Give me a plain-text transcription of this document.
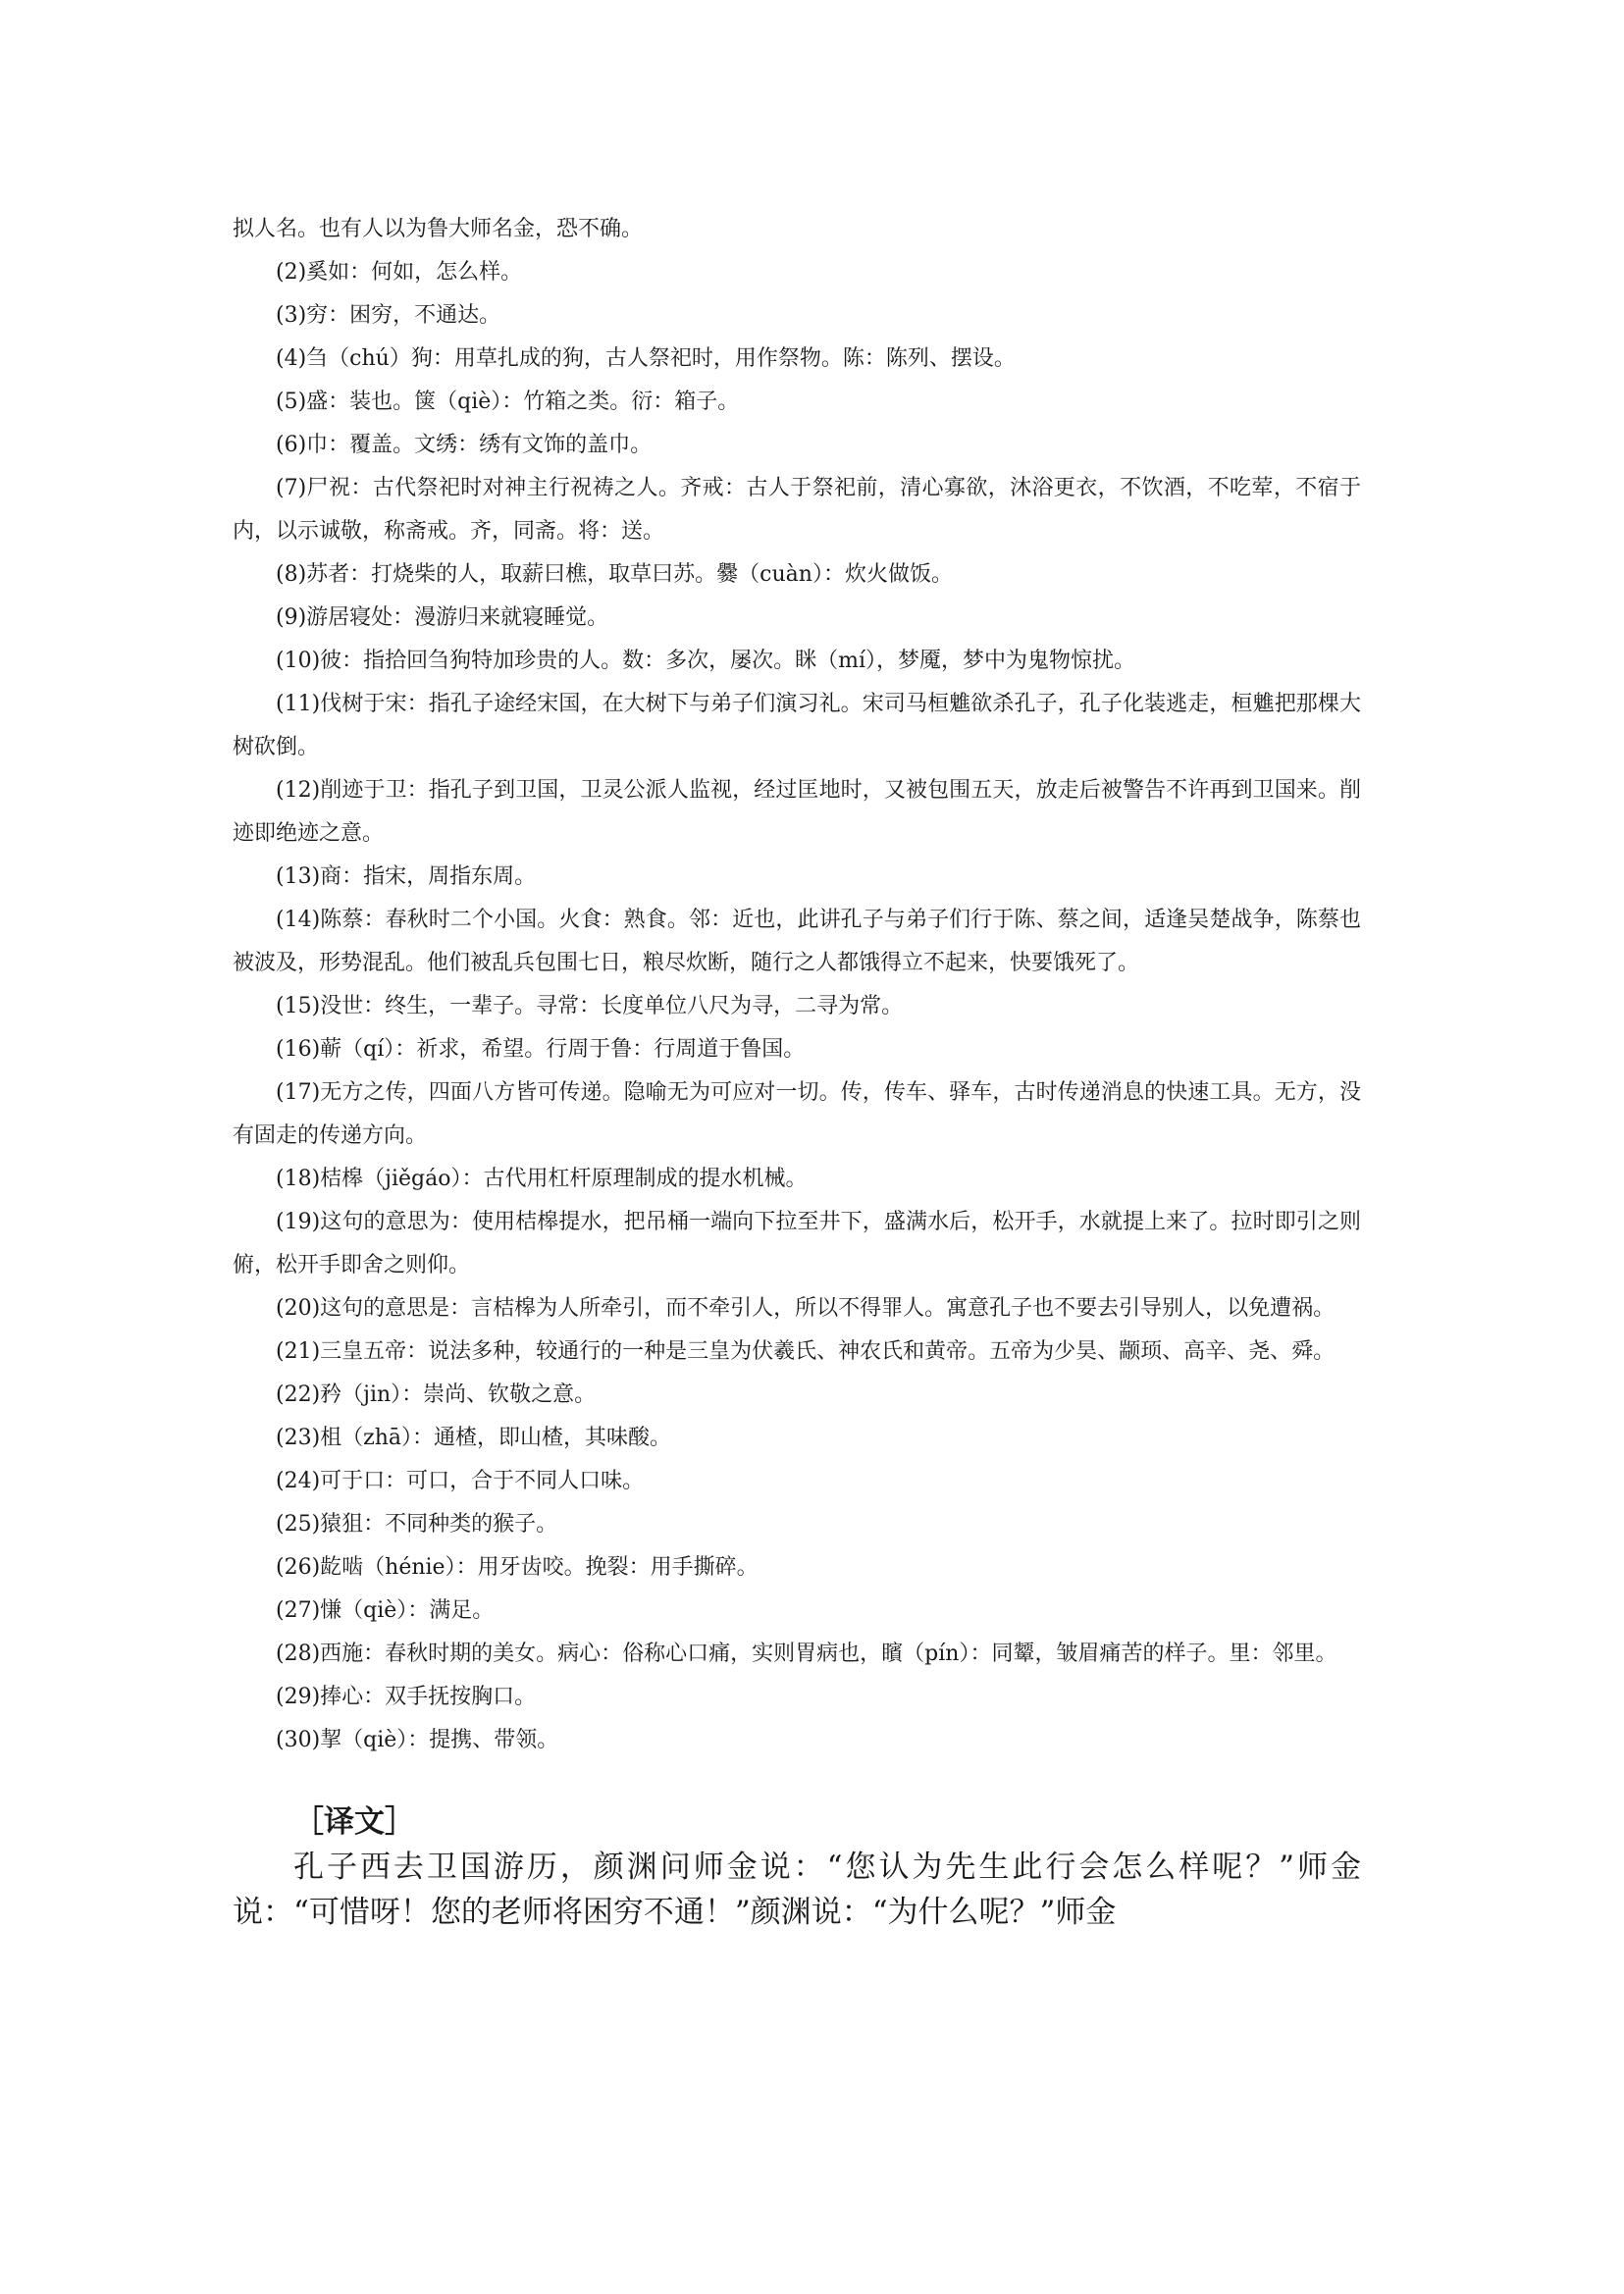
拟人名。也有人以为鲁大师名金，恐不确。

(2)奚如：何如，怎么样。

(3)穷：困穷，不通达。

(4)刍（chú）狗：用草扎成的狗，古人祭祀时，用作祭物。陈：陈列、摆设。

(5)盛：装也。箧（qiè）：竹箱之类。衍：箱子。

(6)巾：覆盖。文绣：绣有文饰的盖巾。

(7)尸祝：古代祭祀时对神主行祝祷之人。齐戒：古人于祭祀前，清心寡欲，沐浴更衣，不饮酒，不吃荤，不宿于内，以示诚敬，称斋戒。齐，同斋。将：送。

(8)苏者：打烧柴的人，取薪曰樵，取草曰苏。爨（cuàn）：炊火做饭。

(9)游居寝处：漫游归来就寝睡觉。

(10)彼：指拾回刍狗特加珍贵的人。数：多次，屡次。眯（mí），梦魇，梦中为鬼物惊扰。

(11)伐树于宋：指孔子途经宋国，在大树下与弟子们演习礼。宋司马桓魋欲杀孔子，孔子化装逃走，桓魋把那棵大树砍倒。

(12)削迹于卫：指孔子到卫国，卫灵公派人监视，经过匡地时，又被包围五天，放走后被警告不许再到卫国来。削迹即绝迹之意。

(13)商：指宋，周指东周。

(14)陈蔡：春秋时二个小国。火食：熟食。邻：近也，此讲孔子与弟子们行于陈、蔡之间，适逢吴楚战争，陈蔡也被波及，形势混乱。他们被乱兵包围七日，粮尽炊断，随行之人都饿得立不起来，快要饿死了。

(15)没世：终生，一辈子。寻常：长度单位八尺为寻，二寻为常。

(16)蕲（qí）：祈求，希望。行周于鲁：行周道于鲁国。

(17)无方之传，四面八方皆可传递。隐喻无为可应对一切。传，传车、驿车，古时传递消息的快速工具。无方，没有固走的传递方向。

(18)桔槔（jiěgáo）：古代用杠杆原理制成的提水机械。

(19)这句的意思为：使用桔槔提水，把吊桶一端向下拉至井下，盛满水后，松开手，水就提上来了。拉时即引之则俯，松开手即舍之则仰。

(20)这句的意思是：言桔槔为人所牵引，而不牵引人，所以不得罪人。寓意孔子也不要去引导别人，以免遭祸。

(21)三皇五帝：说法多种，较通行的一种是三皇为伏羲氏、神农氏和黄帝。五帝为少昊、颛顼、高辛、尧、舜。

(22)矜（jin）：崇尚、钦敬之意。

(23)柤（zhā）：通楂，即山楂，其味酸。

(24)可于口：可口，合于不同人口味。

(25)猿狙：不同种类的猴子。

(26)龁啮（hénie）：用牙齿咬。挽裂：用手撕碎。

(27)慊（qiè）：满足。

(28)西施：春秋时期的美女。病心：俗称心口痛，实则胃病也，矉（pín）：同颦，皱眉痛苦的样子。里：邻里。

(29)捧心：双手抚按胸口。

(30)挈（qiè）：提携、带领。

［译文］

孔子西去卫国游历，颜渊问师金说：“您认为先生此行会怎么样呢？”师金说：“可惜呀！您的老师将困穷不通！”颜渊说：“为什么呢？”师金
